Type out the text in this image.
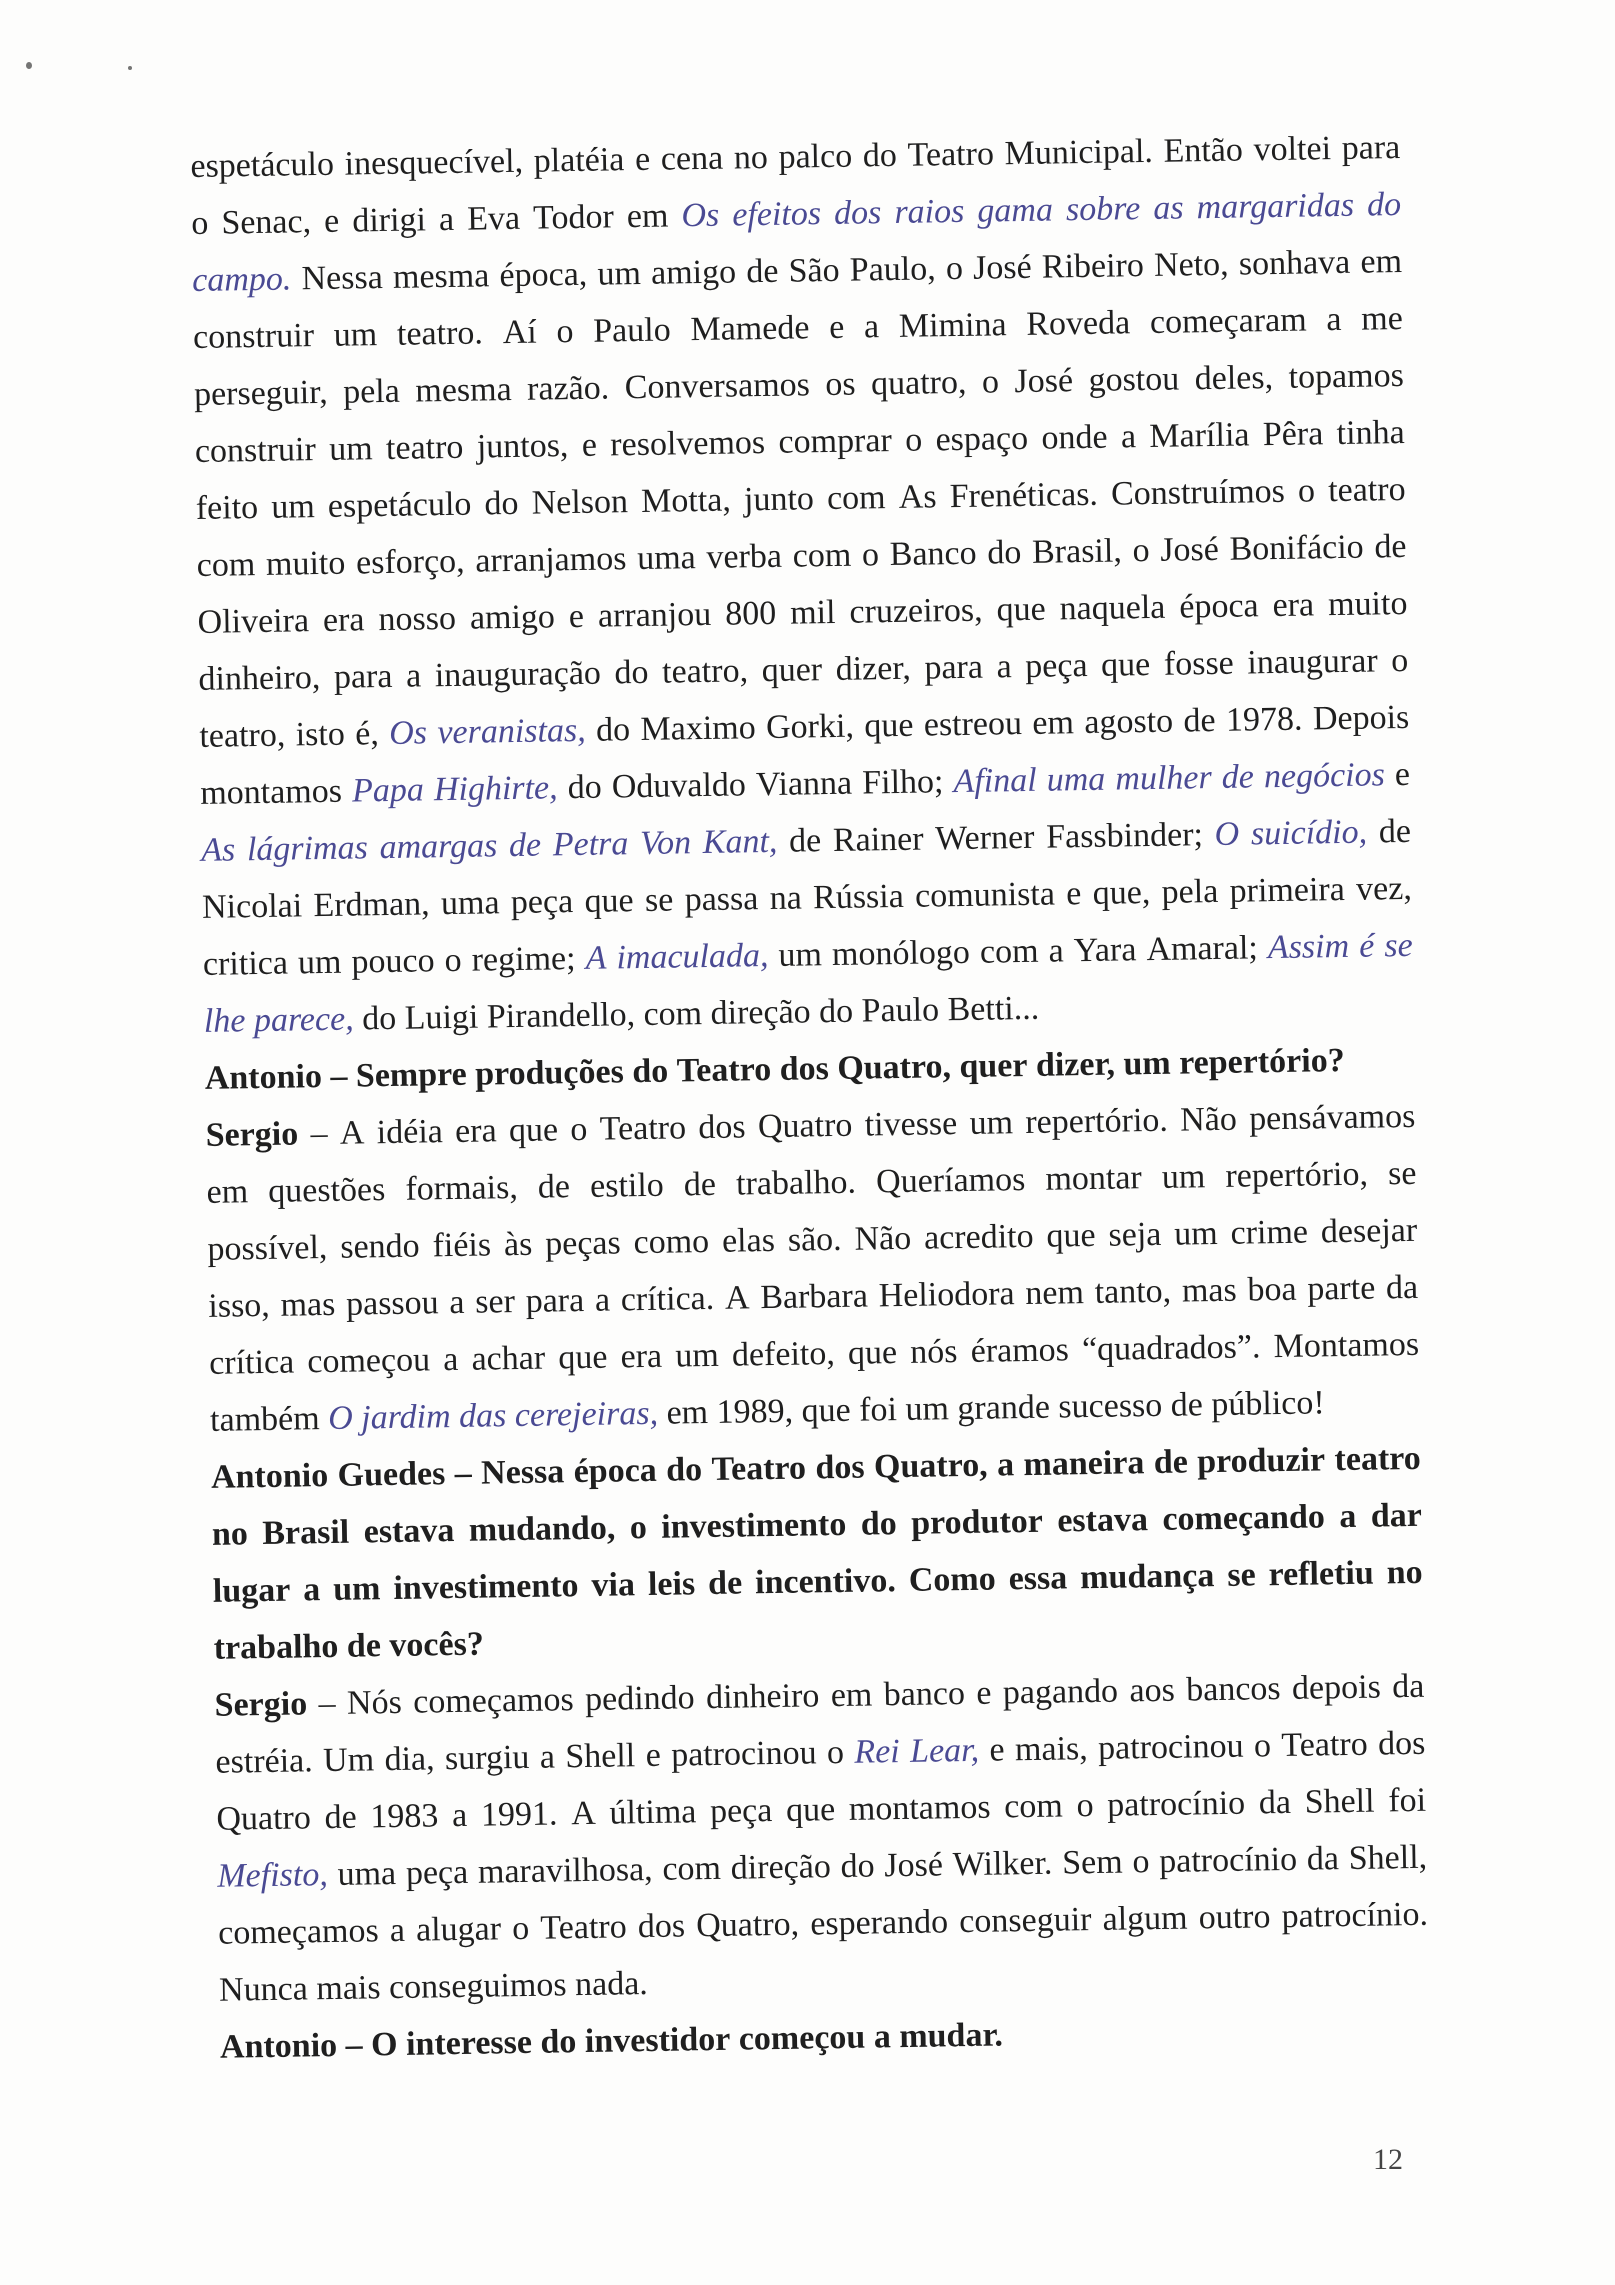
espetáculo inesquecível, platéia e cena no palco do Teatro Municipal. Então voltei para
o Senac, e dirigi a Eva Todor em Os efeitos dos raios gama sobre as margaridas do
campo. Nessa mesma época, um amigo de São Paulo, o José Ribeiro Neto, sonhava em
construir um teatro. Aí o Paulo Mamede e a Mimina Roveda começaram a me
perseguir, pela mesma razão. Conversamos os quatro, o José gostou deles, topamos
construir um teatro juntos, e resolvemos comprar o espaço onde a Marília Pêra tinha
feito um espetáculo do Nelson Motta, junto com As Frenéticas. Construímos o teatro
com muito esforço, arranjamos uma verba com o Banco do Brasil, o José Bonifácio de
Oliveira era nosso amigo e arranjou 800 mil cruzeiros, que naquela época era muito
dinheiro, para a inauguração do teatro, quer dizer, para a peça que fosse inaugurar o
teatro, isto é, Os veranistas, do Maximo Gorki, que estreou em agosto de 1978. Depois
montamos Papa Highirte, do Oduvaldo Vianna Filho; Afinal uma mulher de negócios e
As lágrimas amargas de Petra Von Kant, de Rainer Werner Fassbinder; O suicídio, de
Nicolai Erdman, uma peça que se passa na Rússia comunista e que, pela primeira vez,
critica um pouco o regime; A imaculada, um monólogo com a Yara Amaral; Assim é se
lhe parece, do Luigi Pirandello, com direção do Paulo Betti...
Antonio – Sempre produções do Teatro dos Quatro, quer dizer, um repertório?
Sergio – A idéia era que o Teatro dos Quatro tivesse um repertório. Não pensávamos
em questões formais, de estilo de trabalho. Queríamos montar um repertório, se
possível, sendo fiéis às peças como elas são. Não acredito que seja um crime desejar
isso, mas passou a ser para a crítica. A Barbara Heliodora nem tanto, mas boa parte da
crítica começou a achar que era um defeito, que nós éramos “quadrados”. Montamos
também O jardim das cerejeiras, em 1989, que foi um grande sucesso de público!
Antonio Guedes – Nessa época do Teatro dos Quatro, a maneira de produzir teatro
no Brasil estava mudando, o investimento do produtor estava começando a dar
lugar a um investimento via leis de incentivo. Como essa mudança se refletiu no
trabalho de vocês?
Sergio – Nós começamos pedindo dinheiro em banco e pagando aos bancos depois da
estréia. Um dia, surgiu a Shell e patrocinou o Rei Lear, e mais, patrocinou o Teatro dos
Quatro de 1983 a 1991. A última peça que montamos com o patrocínio da Shell foi
Mefisto, uma peça maravilhosa, com direção do José Wilker. Sem o patrocínio da Shell,
começamos a alugar o Teatro dos Quatro, esperando conseguir algum outro patrocínio.
Nunca mais conseguimos nada.
Antonio – O interesse do investidor começou a mudar.
12
